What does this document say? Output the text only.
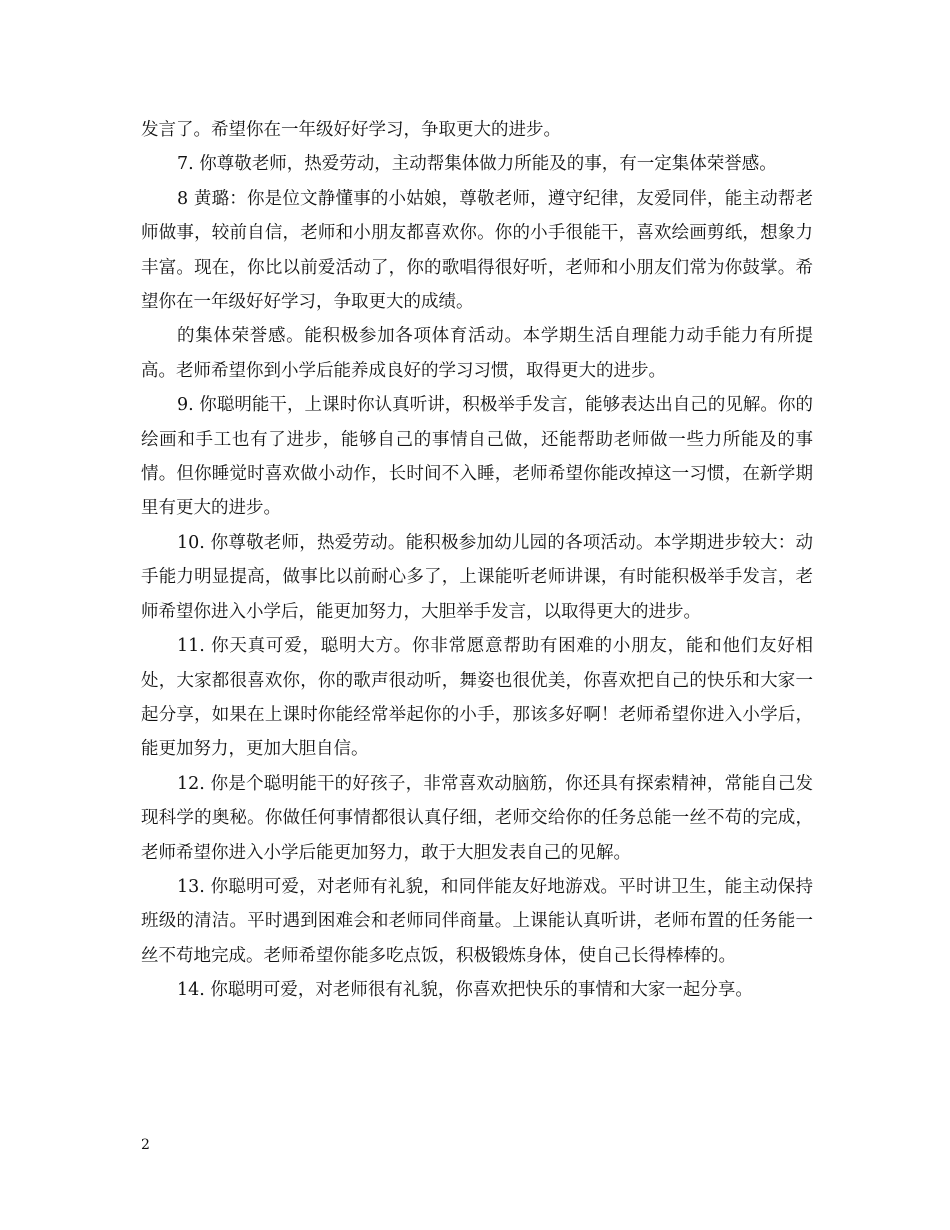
发言了。希望你在一年级好好学习，争取更大的进步。

7. 你尊敬老师，热爱劳动，主动帮集体做力所能及的事，有一定集体荣誉感。

8 黄璐：你是位文静懂事的小姑娘，尊敬老师，遵守纪律，友爱同伴，能主动帮老师做事，较前自信，老师和小朋友都喜欢你。你的小手很能干，喜欢绘画剪纸，想象力丰富。现在，你比以前爱活动了，你的歌唱得很好听，老师和小朋友们常为你鼓掌。希望你在一年级好好学习，争取更大的成绩。

的集体荣誉感。能积极参加各项体育活动。本学期生活自理能力动手能力有所提高。老师希望你到小学后能养成良好的学习习惯，取得更大的进步。

9. 你聪明能干，上课时你认真听讲，积极举手发言，能够表达出自己的见解。你的绘画和手工也有了进步，能够自己的事情自己做，还能帮助老师做一些力所能及的事情。但你睡觉时喜欢做小动作，长时间不入睡，老师希望你能改掉这一习惯，在新学期里有更大的进步。

10. 你尊敬老师，热爱劳动。能积极参加幼儿园的各项活动。本学期进步较大：动手能力明显提高，做事比以前耐心多了，上课能听老师讲课，有时能积极举手发言，老师希望你进入小学后，能更加努力，大胆举手发言，以取得更大的进步。

11. 你天真可爱，聪明大方。你非常愿意帮助有困难的小朋友，能和他们友好相处，大家都很喜欢你，你的歌声很动听，舞姿也很优美，你喜欢把自己的快乐和大家一起分享，如果在上课时你能经常举起你的小手，那该多好啊！老师希望你进入小学后，能更加努力，更加大胆自信。

12. 你是个聪明能干的好孩子，非常喜欢动脑筋，你还具有探索精神，常能自己发现科学的奥秘。你做任何事情都很认真仔细，老师交给你的任务总能一丝不苟的完成，老师希望你进入小学后能更加努力，敢于大胆发表自己的见解。

13. 你聪明可爱，对老师有礼貌，和同伴能友好地游戏。平时讲卫生，能主动保持班级的清洁。平时遇到困难会和老师同伴商量。上课能认真听讲，老师布置的任务能一丝不苟地完成。老师希望你能多吃点饭，积极锻炼身体，使自己长得棒棒的。

14. 你聪明可爱，对老师很有礼貌，你喜欢把快乐的事情和大家一起分享。

2
